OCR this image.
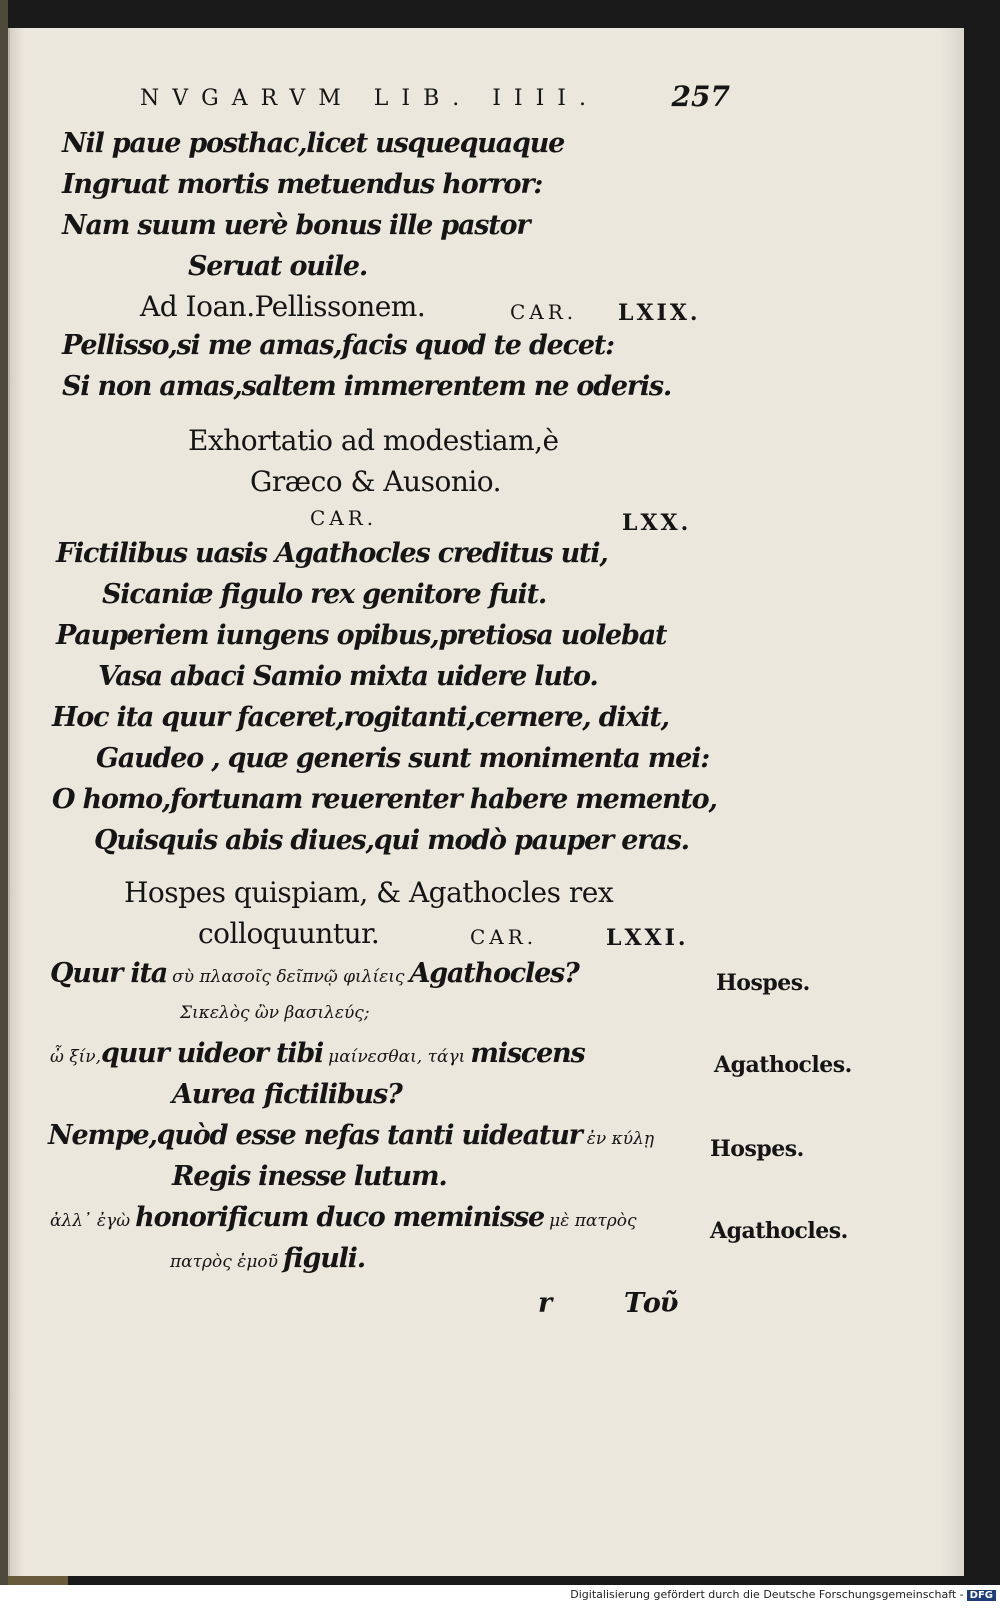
NVGARVM LIB. IIII.	257
Nil paue posthac,licet usquequaque
Ingruat mortis metuendus horror:
Nam suum uerè bonus ille pastor
Seruat ouile.
Ad Ioan.Pellissonem.	CAR. LXIX.
Pellisso,si me amas,facis quod te decet:
Si non amas,saltem immerentem ne oderis.
Exhortatio ad modestiam,è
Græco & Ausonio.
CAR.	LXX.
Fictilibus uasis Agathocles creditus uti,
Sicaniæ figulo rex genitore fuit.
Pauperiem iungens opibus,pretiosa uolebat
Vasa abaci Samio mixta uidere luto.
Hoc ita quur faceret,rogitanti,cernere, dixit,
Gaudeo , quæ generis sunt monimenta mei:
O homo,fortunam reuerenter habere memento,
Quisquis abis diues,qui modò pauper eras.
Hospes quispiam, & Agathocles rex
colloquuntur.	CAR.	LXXI.
Quur ita σὺ πλασοῖς δεῖπνῷ φιλίεις Agathocles?	Hospes.
Σικελὸς ὢν βασιλεύς;
ὦ ξίν,quur uideor tibi μαίνεσθαι, τάγι miscens	Agathocles.
Aurea fictilibus?
Nempe,quòd esse nefas tanti uideatur ἐν κύλῃ	Hospes.
Regis inesse lutum.
ἀλλ᾽ ἐγὼ honorificum duco meminisse μὲ πατρὸς	Agathocles.
πατρὸς ἐμοῦ figuli.
r	Τοῦ
Digitalisierung gefördert durch die Deutsche Forschungsgemeinschaft - DFG
